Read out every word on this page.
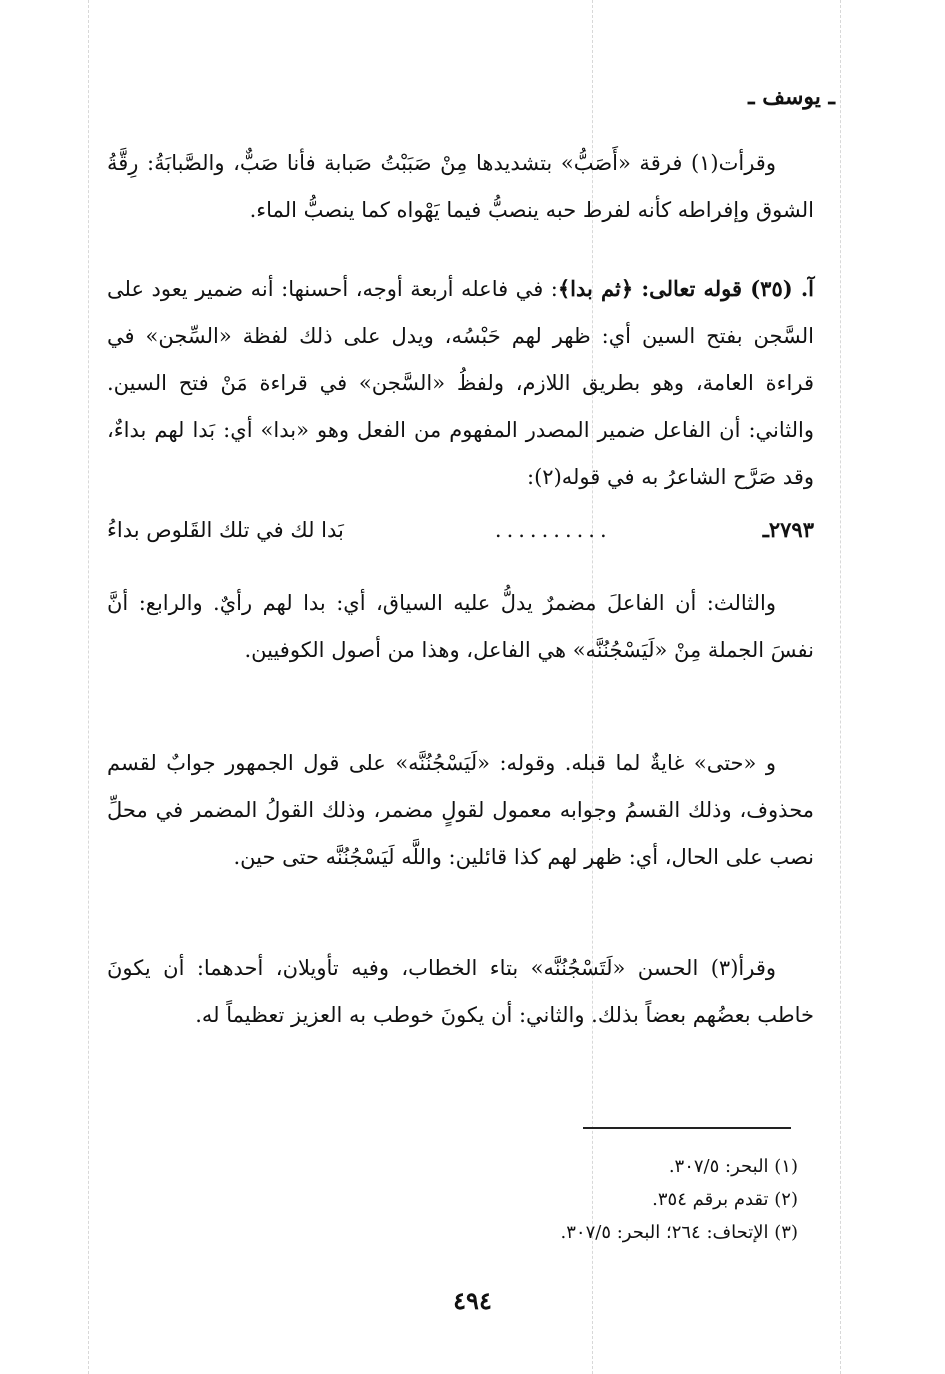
ـ يوسف ـ

وقرأت(١) فرقة «أَصَبُّ» بتشديدها مِنْ صَبَبْتُ صَبابة فأنا صَبٌّ، والصَّبابَةُ: رِقَّةُ الشوق وإفراطه كأنه لفرط حبه ينصبُّ فيما يَهْواه كما ينصبُّ الماء.

آ. (٣٥) قوله تعالى: ﴿ثم بدا﴾: في فاعله أربعة أوجه، أحسنها: أنه ضمير يعود على السَّجن بفتح السين أي: ظهر لهم حَبْسُه، ويدل على ذلك لفظة «السِّجن» في قراءة العامة، وهو بطريق اللازم، ولفظُ «السَّجن» في قراءة مَنْ فتح السين. والثاني: أن الفاعل ضمير المصدر المفهوم من الفعل وهو «بدا» أي: بَدا لهم بداءٌ، وقد صَرَّح الشاعرُ به في قوله(٢):

٢٧٩٣ـ
..........
بَدا لك في تلك القَلوص بداءُ

والثالث: أن الفاعلَ مضمرٌ يدلُّ عليه السياق، أي: بدا لهم رأيٌ. والرابع: أنَّ نفسَ الجملة مِنْ «لَيَسْجُنُنَّه» هي الفاعل، وهذا من أصول الكوفيين.

و «حتى» غايةٌ لما قبله. وقوله: «لَيَسْجُنُنَّه» على قول الجمهور جوابٌ لقسم محذوف، وذلك القسمُ وجوابه معمول لقولٍ مضمر، وذلك القولُ المضمر في محلِّ نصب على الحال، أي: ظهر لهم كذا قائلين: واللَّه لَيَسْجُنُنَّه حتى حين.

وقرأ(٣) الحسن «لَتَسْجُنُنَّه» بتاء الخطاب، وفيه تأويلان، أحدهما: أن يكونَ خاطب بعضُهم بعضاً بذلك. والثاني: أن يكونَ خوطب به العزيز تعظيماً له.

(١) البحر: ٣٠٧/٥.

(٢) تقدم برقم ٣٥٤.

(٣) الإتحاف: ٢٦٤؛ البحر: ٣٠٧/٥.

٤٩٤
